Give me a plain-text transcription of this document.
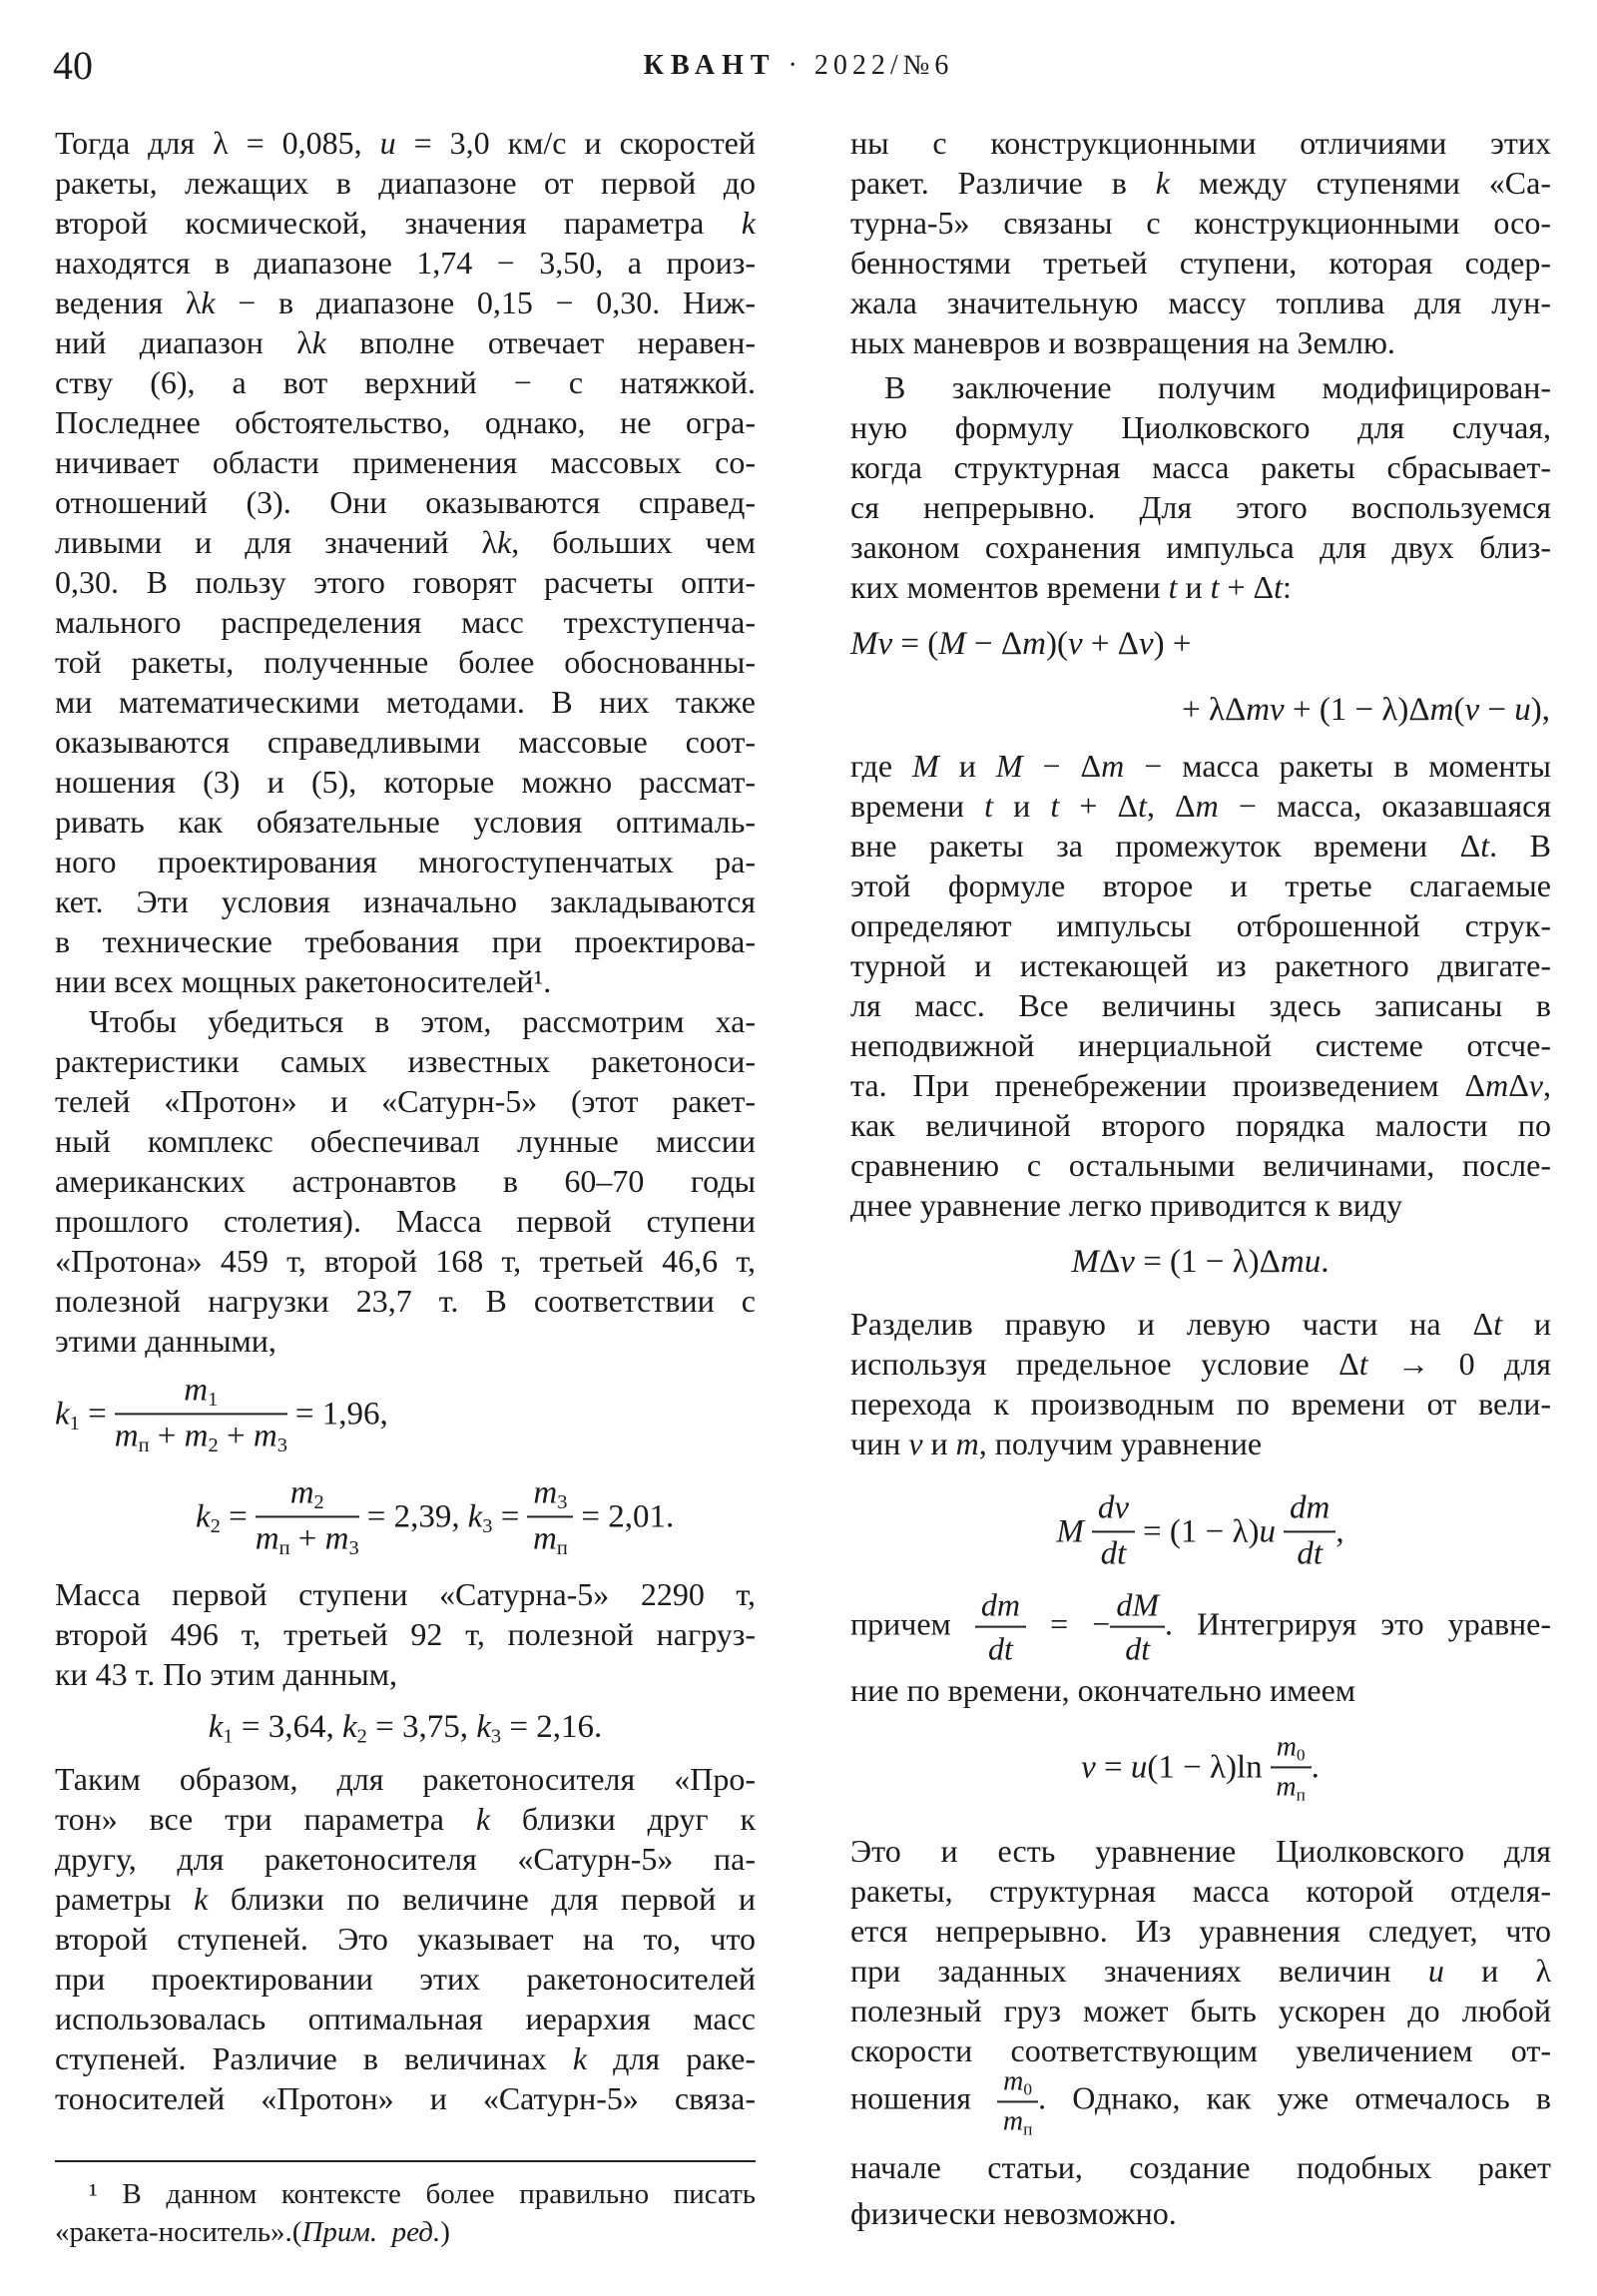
40	КВАНТ · 2022/№6
Тогда для λ = 0,085, u = 3,0 км/с и скоростей
ракеты, лежащих в диапазоне от первой до
второй космической, значения параметра k
находятся в диапазоне 1,74 − 3,50, а произ-
ведения λk − в диапазоне 0,15 − 0,30. Ниж-
ний диапазон λk вполне отвечает неравен-
ству (6), а вот верхний − с натяжкой.
Последнее обстоятельство, однако, не огра-
ничивает области применения массовых со-
отношений (3). Они оказываются справед-
ливыми и для значений λk, больших чем
0,30. В пользу этого говорят расчеты опти-
мального распределения масс трехступенча-
той ракеты, полученные более обоснованны-
ми математическими методами. В них также
оказываются справедливыми массовые соот-
ношения (3) и (5), которые можно рассмат-
ривать как обязательные условия оптималь-
ного проектирования многоступенчатых ра-
кет. Эти условия изначально закладываются
в технические требования при проектирова-
нии всех мощных ракетоносителей¹.
Чтобы убедиться в этом, рассмотрим ха-
рактеристики самых известных ракетоноси-
телей «Протон» и «Сатурн-5» (этот ракет-
ный комплекс обеспечивал лунные миссии
американских астронавтов в 60–70 годы
прошлого столетия). Масса первой ступени
«Протона» 459 т, второй 168 т, третьей 46,6 т,
полезной нагрузки 23,7 т. В соответствии с
этими данными,
Масса первой ступени «Сатурна-5» 2290 т,
второй 496 т, третьей 92 т, полезной нагруз-
ки 43 т. По этим данным,
Таким образом, для ракетоносителя «Про-
тон» все три параметра k близки друг к
другу, для ракетоносителя «Сатурн-5» па-
раметры k близки по величине для первой и
второй ступеней. Это указывает на то, что
при проектировании этих ракетоносителей
использовалась оптимальная иерархия масс
ступеней. Различие в величинах k для раке-
тоносителей «Протон» и «Сатурн-5» связа-
ны с конструкционными отличиями этих
ракет. Различие в k между ступенями «Са-
турна-5» связаны с конструкционными осо-
бенностями третьей ступени, которая содер-
жала значительную массу топлива для лун-
ных маневров и возвращения на Землю.
В заключение получим модифицирован-
ную формулу Циолковского для случая,
когда структурная масса ракеты сбрасывает-
ся непрерывно. Для этого воспользуемся
законом сохранения импульса для двух близ-
ких моментов времени t и t + Δt:
где M и M − Δm − масса ракеты в моменты
времени t и t + Δt, Δm − масса, оказавшаяся
вне ракеты за промежуток времени Δt. В
этой формуле второе и третье слагаемые
определяют импульсы отброшенной струк-
турной и истекающей из ракетного двигате-
ля масс. Все величины здесь записаны в
неподвижной инерциальной системе отсче-
та. При пренебрежении произведением ΔmΔv,
как величиной второго порядка малости по
сравнению с остальными величинами, после-
днее уравнение легко приводится к виду
Разделив правую и левую части на Δt и
используя предельное условие Δt → 0 для
перехода к производным по времени от вели-
чин v и m, получим уравнение
Это и есть уравнение Циолковского для
ракеты, структурная масса которой отделя-
ется непрерывно. Из уравнения следует, что
при заданных значениях величин u и λ
полезный груз может быть ускорен до любой
скорости соответствующим увеличением от-
начале статьи, создание подобных ракет
физически невозможно.
$k_1 = \frac{m_1}{m_п + m_2 + m_3} = 1,96$,
$k_2 = \frac{m_2}{m_п + m_3} = 2,39$, $k_3 = \frac{m_3}{m_п} = 2,01$.
$k_1 = 3,64$, $k_2 = 3,75$, $k_3 = 2,16$.
¹ В данном контексте более правильно писать
«ракета-носитель».(Прим.  ред.)
Mv = (M − Δm)(v + Δv) +
+ λΔmv + (1 − λ)Δm(v − u),
MΔv = (1 − λ)Δmu.
M $\frac{dv}{dt} = (1 - \lambda)u \frac{dm}{dt}$ ,
причем $\frac{dm}{dt}$ = − $\frac{dM}{dt}$ . Интегрируя это уравне-
ние по времени, окончательно имеем
$v = u(1 - \lambda)\ln \frac{m_0}{m_п}$ .
ношения $\frac{m_0}{m_п}$ . Однако, как уже отмечалось в
